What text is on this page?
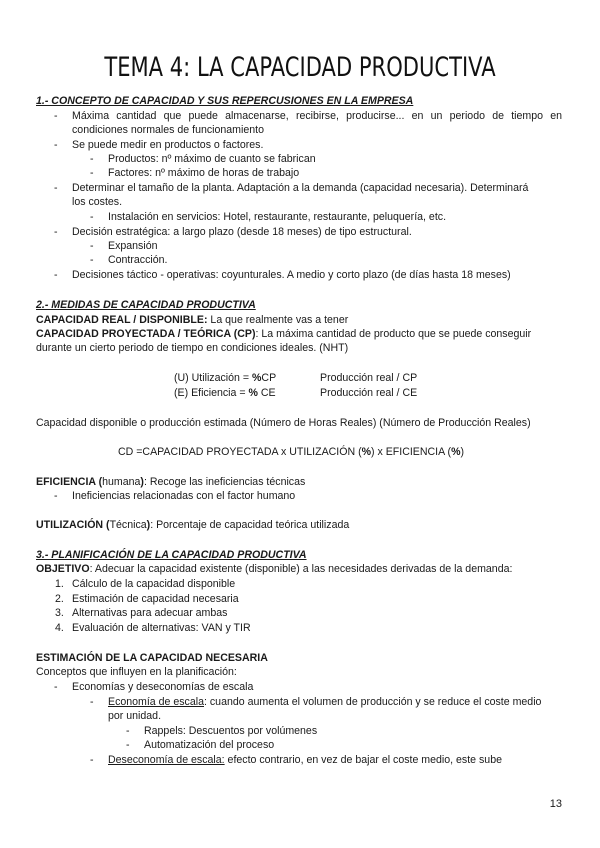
TEMA 4: LA CAPACIDAD PRODUCTIVA
1.- CONCEPTO DE CAPACIDAD Y SUS REPERCUSIONES EN LA EMPRESA
- Máxima cantidad que puede almacenarse, recibirse, producirse... en un periodo de tiempo en
condiciones normales de funcionamiento
- Se puede medir en productos o factores.
- Productos: nº máximo de cuanto se fabrican
- Factores: nº máximo de horas de trabajo
- Determinar el tamaño de la planta. Adaptación a la demanda (capacidad necesaria). Determinará
los costes.
- Instalación en servicios: Hotel, restaurante, restaurante, peluquería, etc.
- Decisión estratégica: a largo plazo (desde 18 meses) de tipo estructural.
- Expansión
- Contracción.
- Decisiones táctico - operativas: coyunturales. A medio y corto plazo (de días hasta 18 meses)
2.- MEDIDAS DE CAPACIDAD PRODUCTIVA
CAPACIDAD REAL / DISPONIBLE: La que realmente vas a tener
CAPACIDAD PROYECTADA / TEÓRICA (CP): La máxima cantidad de producto que se puede conseguir
durante un cierto periodo de tiempo en condiciones ideales. (NHT)
(U) Utilización = %CP	Producción real / CP
(E) Eficiencia = % CE	Producción real / CE
Capacidad disponible o producción estimada (Número de Horas Reales) (Número de Producción Reales)
CD =CAPACIDAD PROYECTADA x UTILIZACIÓN (%) x EFICIENCIA (%)
EFICIENCIA (humana): Recoge las ineficiencias técnicas
- Ineficiencias relacionadas con el factor humano
UTILIZACIÓN (Técnica): Porcentaje de capacidad teórica utilizada
3.- PLANIFICACIÓN DE LA CAPACIDAD PRODUCTIVA
OBJETIVO: Adecuar la capacidad existente (disponible) a las necesidades derivadas de la demanda:
1. Cálculo de la capacidad disponible
2. Estimación de capacidad necesaria
3. Alternativas para adecuar ambas
4. Evaluación de alternativas: VAN y TIR
ESTIMACIÓN DE LA CAPACIDAD NECESARIA
Conceptos que influyen en la planificación:
- Economías y deseconomías de escala
- Economía de escala: cuando aumenta el volumen de producción y se reduce el coste medio
por unidad.
- Rappels: Descuentos por volúmenes
- Automatización del proceso
- Deseconomía de escala: efecto contrario, en vez de bajar el coste medio, este sube
13
